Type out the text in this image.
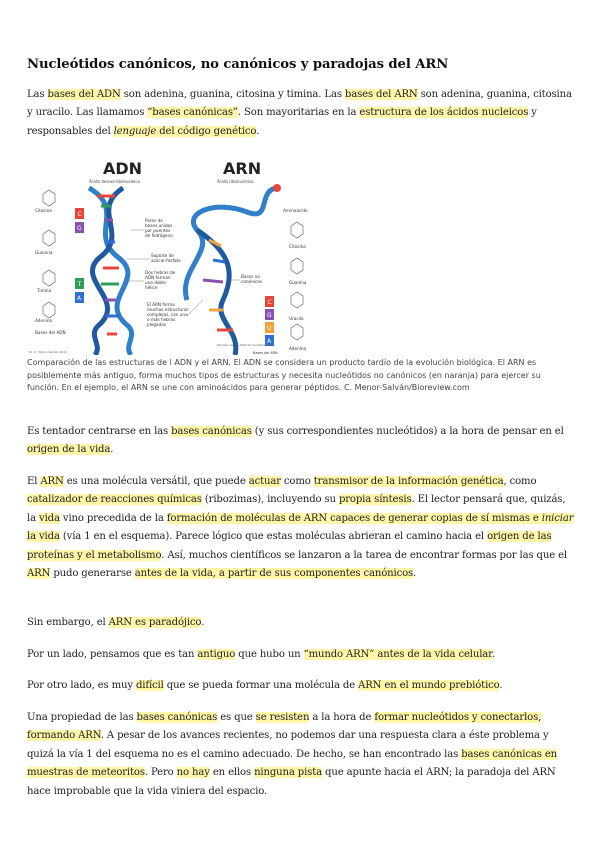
Nucleótidos canónicos, no canónicos y paradojas del ARN
Las bases del ADN son adenina, guanina, citosina y timina. Las bases del ARN son adenina, guanina, citosina y uracilo. Las llamamos “bases canónicas”. Son mayoritarias en la estructura de los ácidos nucleicos y responsables del lenguaje del código genético.
ADN
Ácido desoxirribonucleico
ARN
Ácido ribonucleico
Citosina
Guanina
Timina
Adenina
Bases del ADN
C
G
T
A
Pares de
bases unidos
por puentes
de hidrógeno
Soporte de
azúcar-fosfato
Dos hebras de
ADN forman
una doble
hélice
Bases no
canónicas
El ARN forma
muchas estructuras
complejas, con una
o más hebras
plegadas
C
G
U
A
Aminoácido
Citosina
Guanina
Uracilo
Adenina
Bases del ARN
Dr. C. Menor-Salván 2021
Ejemplo de un ARN de transferencia
Comparación de las estructuras de l ADN y el ARN. El ADN se considera un producto tardío de la evolución biológica. El ARN es posiblemente más antiguo, forma muchos tipos de estructuras y necesita nucleótidos no canónicos (en naranja) para ejercer su función. En el ejemplo, el ARN se une con aminoácidos para generar péptidos. C. Menor-Salván/Bioreview.com
Es tentador centrarse en las bases canónicas (y sus correspondientes nucleótidos) a la hora de pensar en el origen de la vida.
El ARN es una molécula versátil, que puede actuar como transmisor de la información genética, como catalizador de reacciones químicas (ribozimas), incluyendo su propia síntesis. El lector pensará que, quizás, la vida vino precedida de la formación de moléculas de ARN capaces de generar copias de sí mismas e iniciar la vida (vía 1 en el esquema). Parece lógico que estas moléculas abrieran el camino hacia el origen de las proteínas y el metabolismo. Así, muchos científicos se lanzaron a la tarea de encontrar formas por las que el ARN pudo generarse antes de la vida, a partir de sus componentes canónicos.
Sin embargo, el ARN es paradójico.
Por un lado, pensamos que es tan antiguo que hubo un “mundo ARN” antes de la vida celular.
Por otro lado, es muy difícil que se pueda formar una molécula de ARN en el mundo prebiótico.
Una propiedad de las bases canónicas es que se resisten a la hora de formar nucleótidos y conectarlos, formando ARN. A pesar de los avances recientes, no podemos dar una respuesta clara a éste problema y quizá la vía 1 del esquema no es el camino adecuado. De hecho, se han encontrado las bases canónicas en muestras de meteoritos. Pero no hay en ellos ninguna pista que apunte hacia el ARN; la paradoja del ARN hace improbable que la vida viniera del espacio.
